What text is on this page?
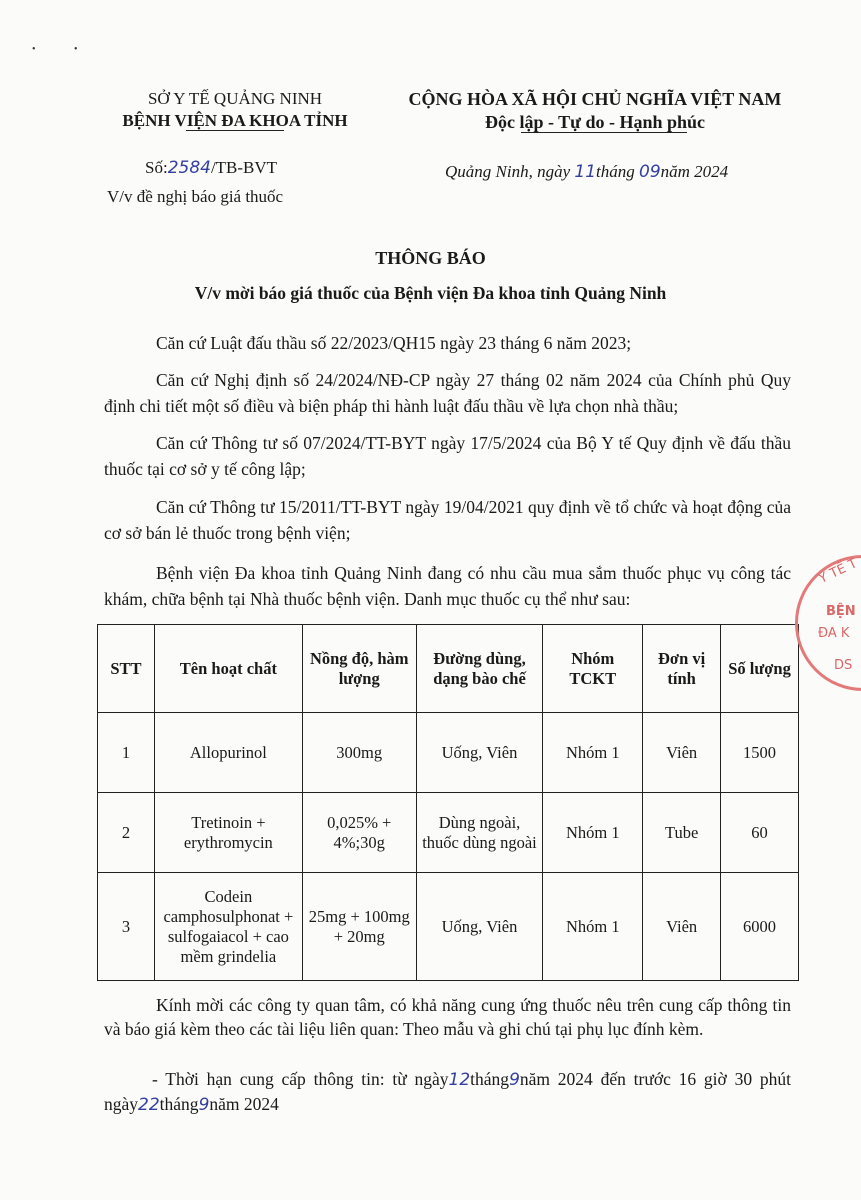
• •
SỞ Y TẾ QUẢNG NINH
BỆNH VIỆN ĐA KHOA TỈNH
Số:2584/TB-BVT
V/v đề nghị báo giá thuốc
CỘNG HÒA XÃ HỘI CHỦ NGHĨA VIỆT NAM
Độc lập - Tự do - Hạnh phúc
Quảng Ninh, ngày 11tháng 09năm 2024
THÔNG BÁO
V/v mời báo giá thuốc của Bệnh viện Đa khoa tỉnh Quảng Ninh
Căn cứ Luật đấu thầu số 22/2023/QH15 ngày 23 tháng 6 năm 2023;
Căn cứ Nghị định số 24/2024/NĐ-CP ngày 27 tháng 02 năm 2024 của Chính phủ Quy định chi tiết một số điều và biện pháp thi hành luật đấu thầu về lựa chọn nhà thầu;
Căn cứ Thông tư số 07/2024/TT-BYT ngày 17/5/2024 của Bộ Y tế Quy định về đấu thầu thuốc tại cơ sở y tế công lập;
Căn cứ Thông tư 15/2011/TT-BYT ngày 19/04/2021 quy định về tổ chức và hoạt động của cơ sở bán lẻ thuốc trong bệnh viện;
Bệnh viện Đa khoa tỉnh Quảng Ninh đang có nhu cầu mua sắm thuốc phục vụ công tác khám, chữa bệnh tại Nhà thuốc bệnh viện. Danh mục thuốc cụ thể như sau:
STT	Tên hoạt chất	Nồng độ, hàm lượng	Đường dùng, dạng bào chế	Nhóm TCKT	Đơn vị tính	Số lượng
1	Allopurinol	300mg	Uống, Viên	Nhóm 1	Viên	1500
2	Tretinoin + erythromycin	0,025% + 4%;30g	Dùng ngoài, thuốc dùng ngoài	Nhóm 1	Tube	60
3	Codein camphosulphonat + sulfogaiacol + cao mềm grindelia	25mg + 100mg + 20mg	Uống, Viên	Nhóm 1	Viên	6000
Kính mời các công ty quan tâm, có khả năng cung ứng thuốc nêu trên cung cấp thông tin và báo giá kèm theo các tài liệu liên quan: Theo mẫu và ghi chú tại phụ lục đính kèm.
- Thời hạn cung cấp thông tin: từ ngày12tháng9năm 2024 đến trước 16 giờ 30 phút ngày22tháng9năm 2024
Y TẾ T
BỆN
ĐA K
DS
